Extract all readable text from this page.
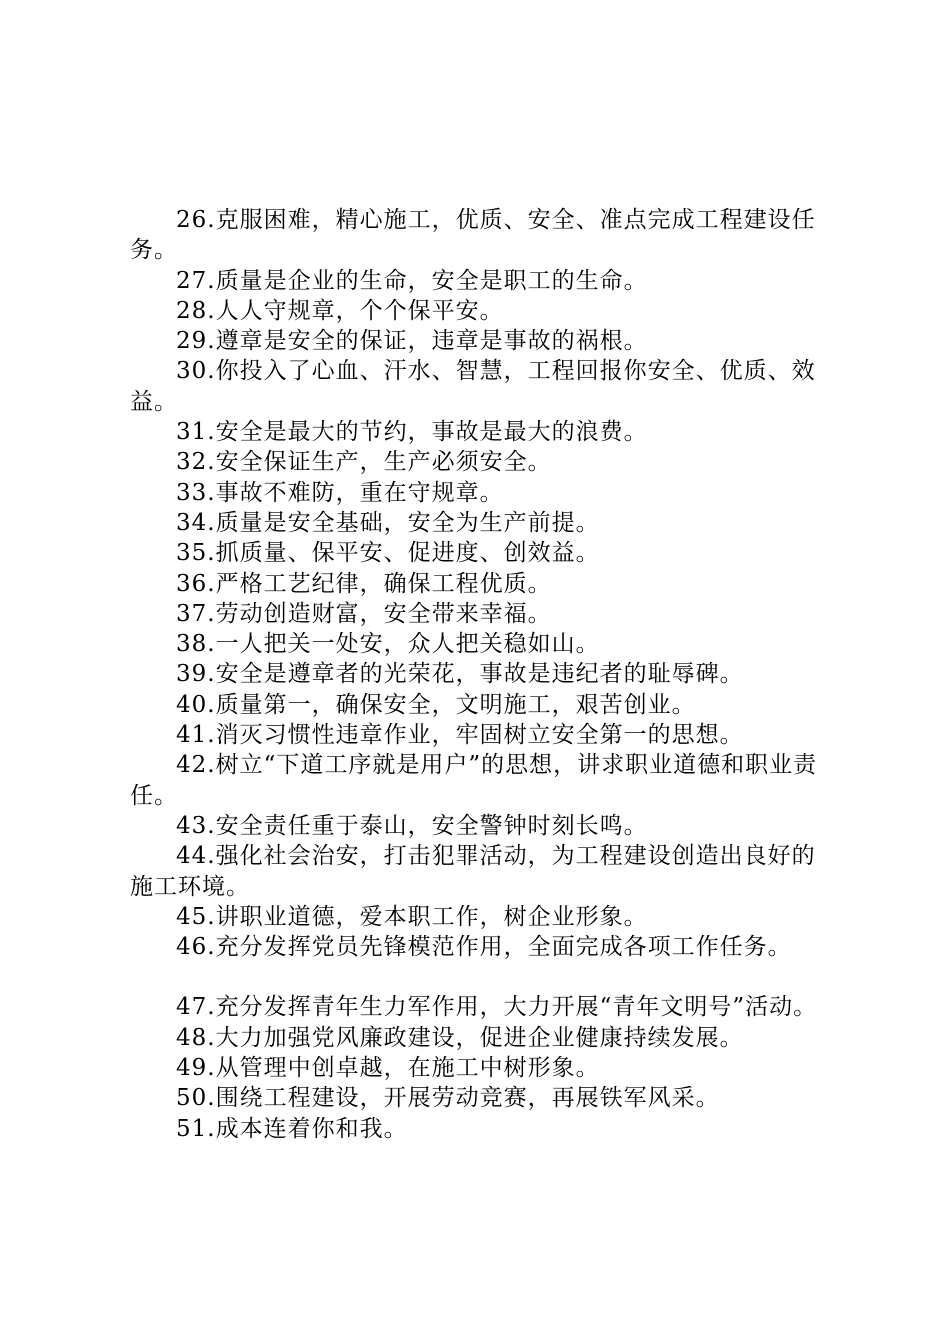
26.克服困难，精心施工，优质、安全、准点完成工程建设任务。

27.质量是企业的生命，安全是职工的生命。

28.人人守规章，个个保平安。

29.遵章是安全的保证，违章是事故的祸根。

30.你投入了心血、汗水、智慧，工程回报你安全、优质、效益。

31.安全是最大的节约，事故是最大的浪费。

32.安全保证生产，生产必须安全。

33.事故不难防，重在守规章。

34.质量是安全基础，安全为生产前提。

35.抓质量、保平安、促进度、创效益。

36.严格工艺纪律，确保工程优质。

37.劳动创造财富，安全带来幸福。

38.一人把关一处安，众人把关稳如山。

39.安全是遵章者的光荣花，事故是违纪者的耻辱碑。

40.质量第一，确保安全，文明施工，艰苦创业。

41.消灭习惯性违章作业，牢固树立安全第一的思想。

42.树立“下道工序就是用户”的思想，讲求职业道德和职业责任。

43.安全责任重于泰山，安全警钟时刻长鸣。

44.强化社会治安，打击犯罪活动，为工程建设创造出良好的施工环境。

45.讲职业道德，爱本职工作，树企业形象。

46.充分发挥党员先锋模范作用，全面完成各项工作任务。

47.充分发挥青年生力军作用，大力开展“青年文明号”活动。

48.大力加强党风廉政建设，促进企业健康持续发展。

49.从管理中创卓越，在施工中树形象。

50.围绕工程建设，开展劳动竞赛，再展铁军风采。

51.成本连着你和我。
